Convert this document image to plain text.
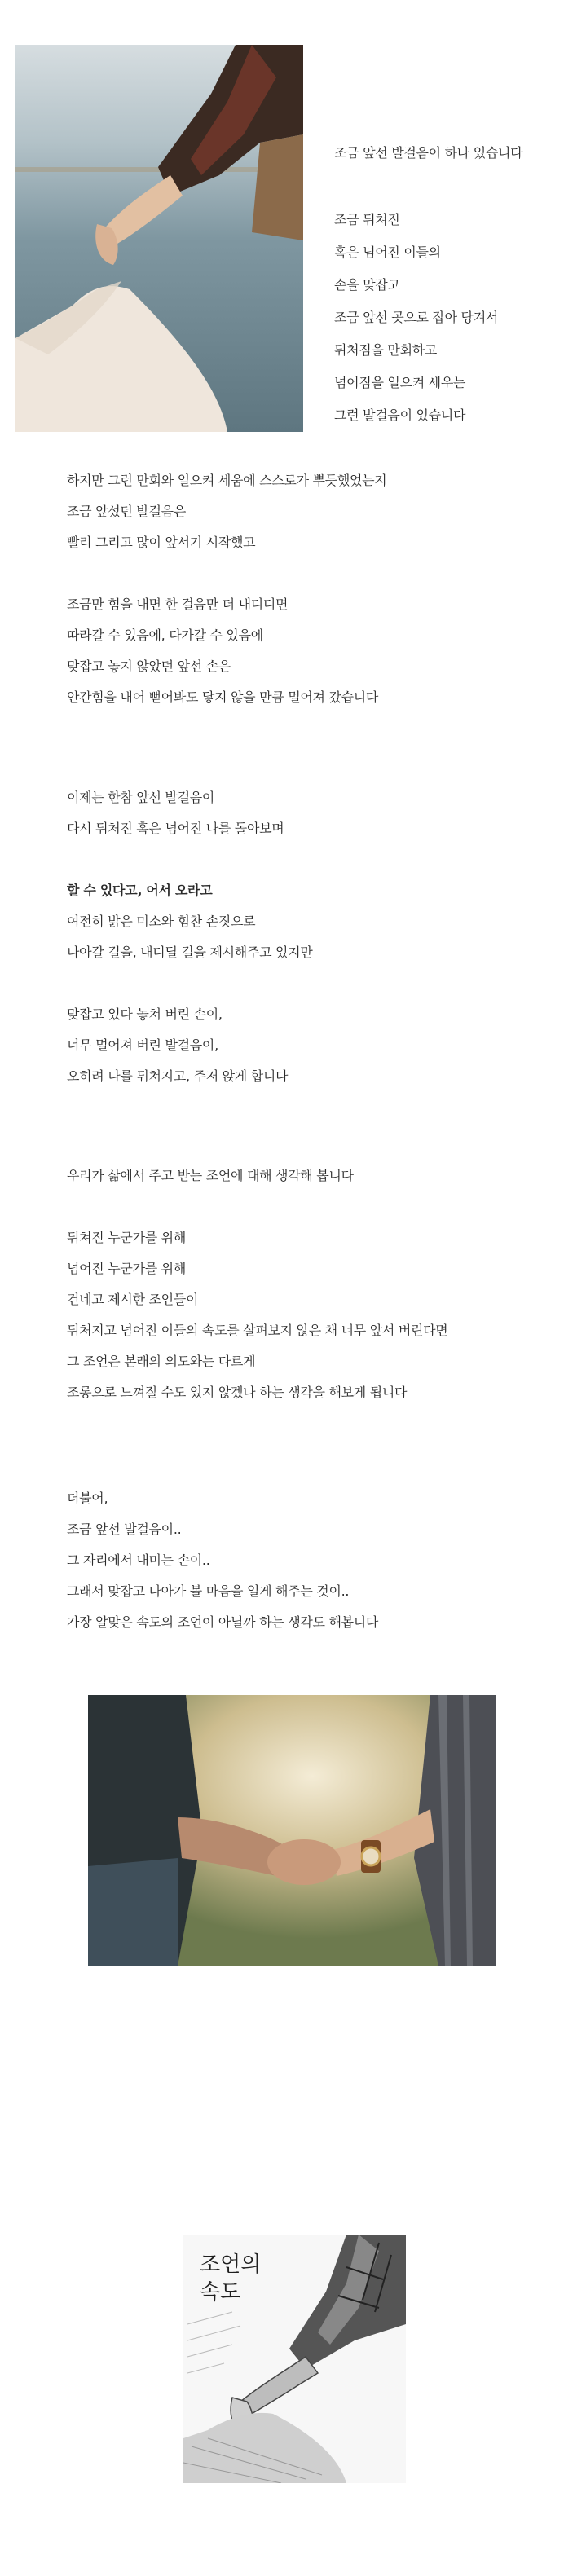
조금 앞선 발걸음이 하나 있습니다
조금 뒤쳐진
혹은 넘어진 이들의
손을 맞잡고
조금 앞선 곳으로 잡아 당겨서
뒤처짐을 만회하고
넘어짐을 일으켜 세우는
그런 발걸음이 있습니다
하지만 그런 만회와 일으켜 세움에 스스로가 뿌듯했었는지
조금 앞섰던 발걸음은
빨리 그리고 많이 앞서기 시작했고
조금만 힘을 내면 한 걸음만 더 내디디면
따라갈 수 있음에, 다가갈 수 있음에
맞잡고 놓지 않았던 앞선 손은
안간힘을 내어 뻗어봐도 닿지 않을 만큼 멀어져 갔습니다
이제는 한참 앞선 발걸음이
다시 뒤처진 혹은 넘어진 나를 돌아보며
할 수 있다고, 어서 오라고
여전히 밝은 미소와 힘찬 손짓으로
나아갈 길을, 내디딜 길을 제시해주고 있지만
맞잡고 있다 놓쳐 버린 손이,
너무 멀어져 버린 발걸음이,
오히려 나를 뒤쳐지고, 주저 앉게 합니다
우리가 삶에서 주고 받는 조언에 대해 생각해 봅니다
뒤쳐진 누군가를 위해
넘어진 누군가를 위해
건네고 제시한 조언들이
뒤처지고 넘어진 이들의 속도를 살펴보지 않은 채 너무 앞서 버린다면
그 조언은 본래의 의도와는 다르게
조롱으로 느껴질 수도 있지 않겠나 하는 생각을 해보게 됩니다
더불어,
조금 앞선 발걸음이..
그 자리에서 내미는 손이..
그래서 맞잡고 나아가 볼 마음을 일게 해주는 것이..
가장 알맞은 속도의 조언이 아닐까 하는 생각도 해봅니다
조언의
속도
